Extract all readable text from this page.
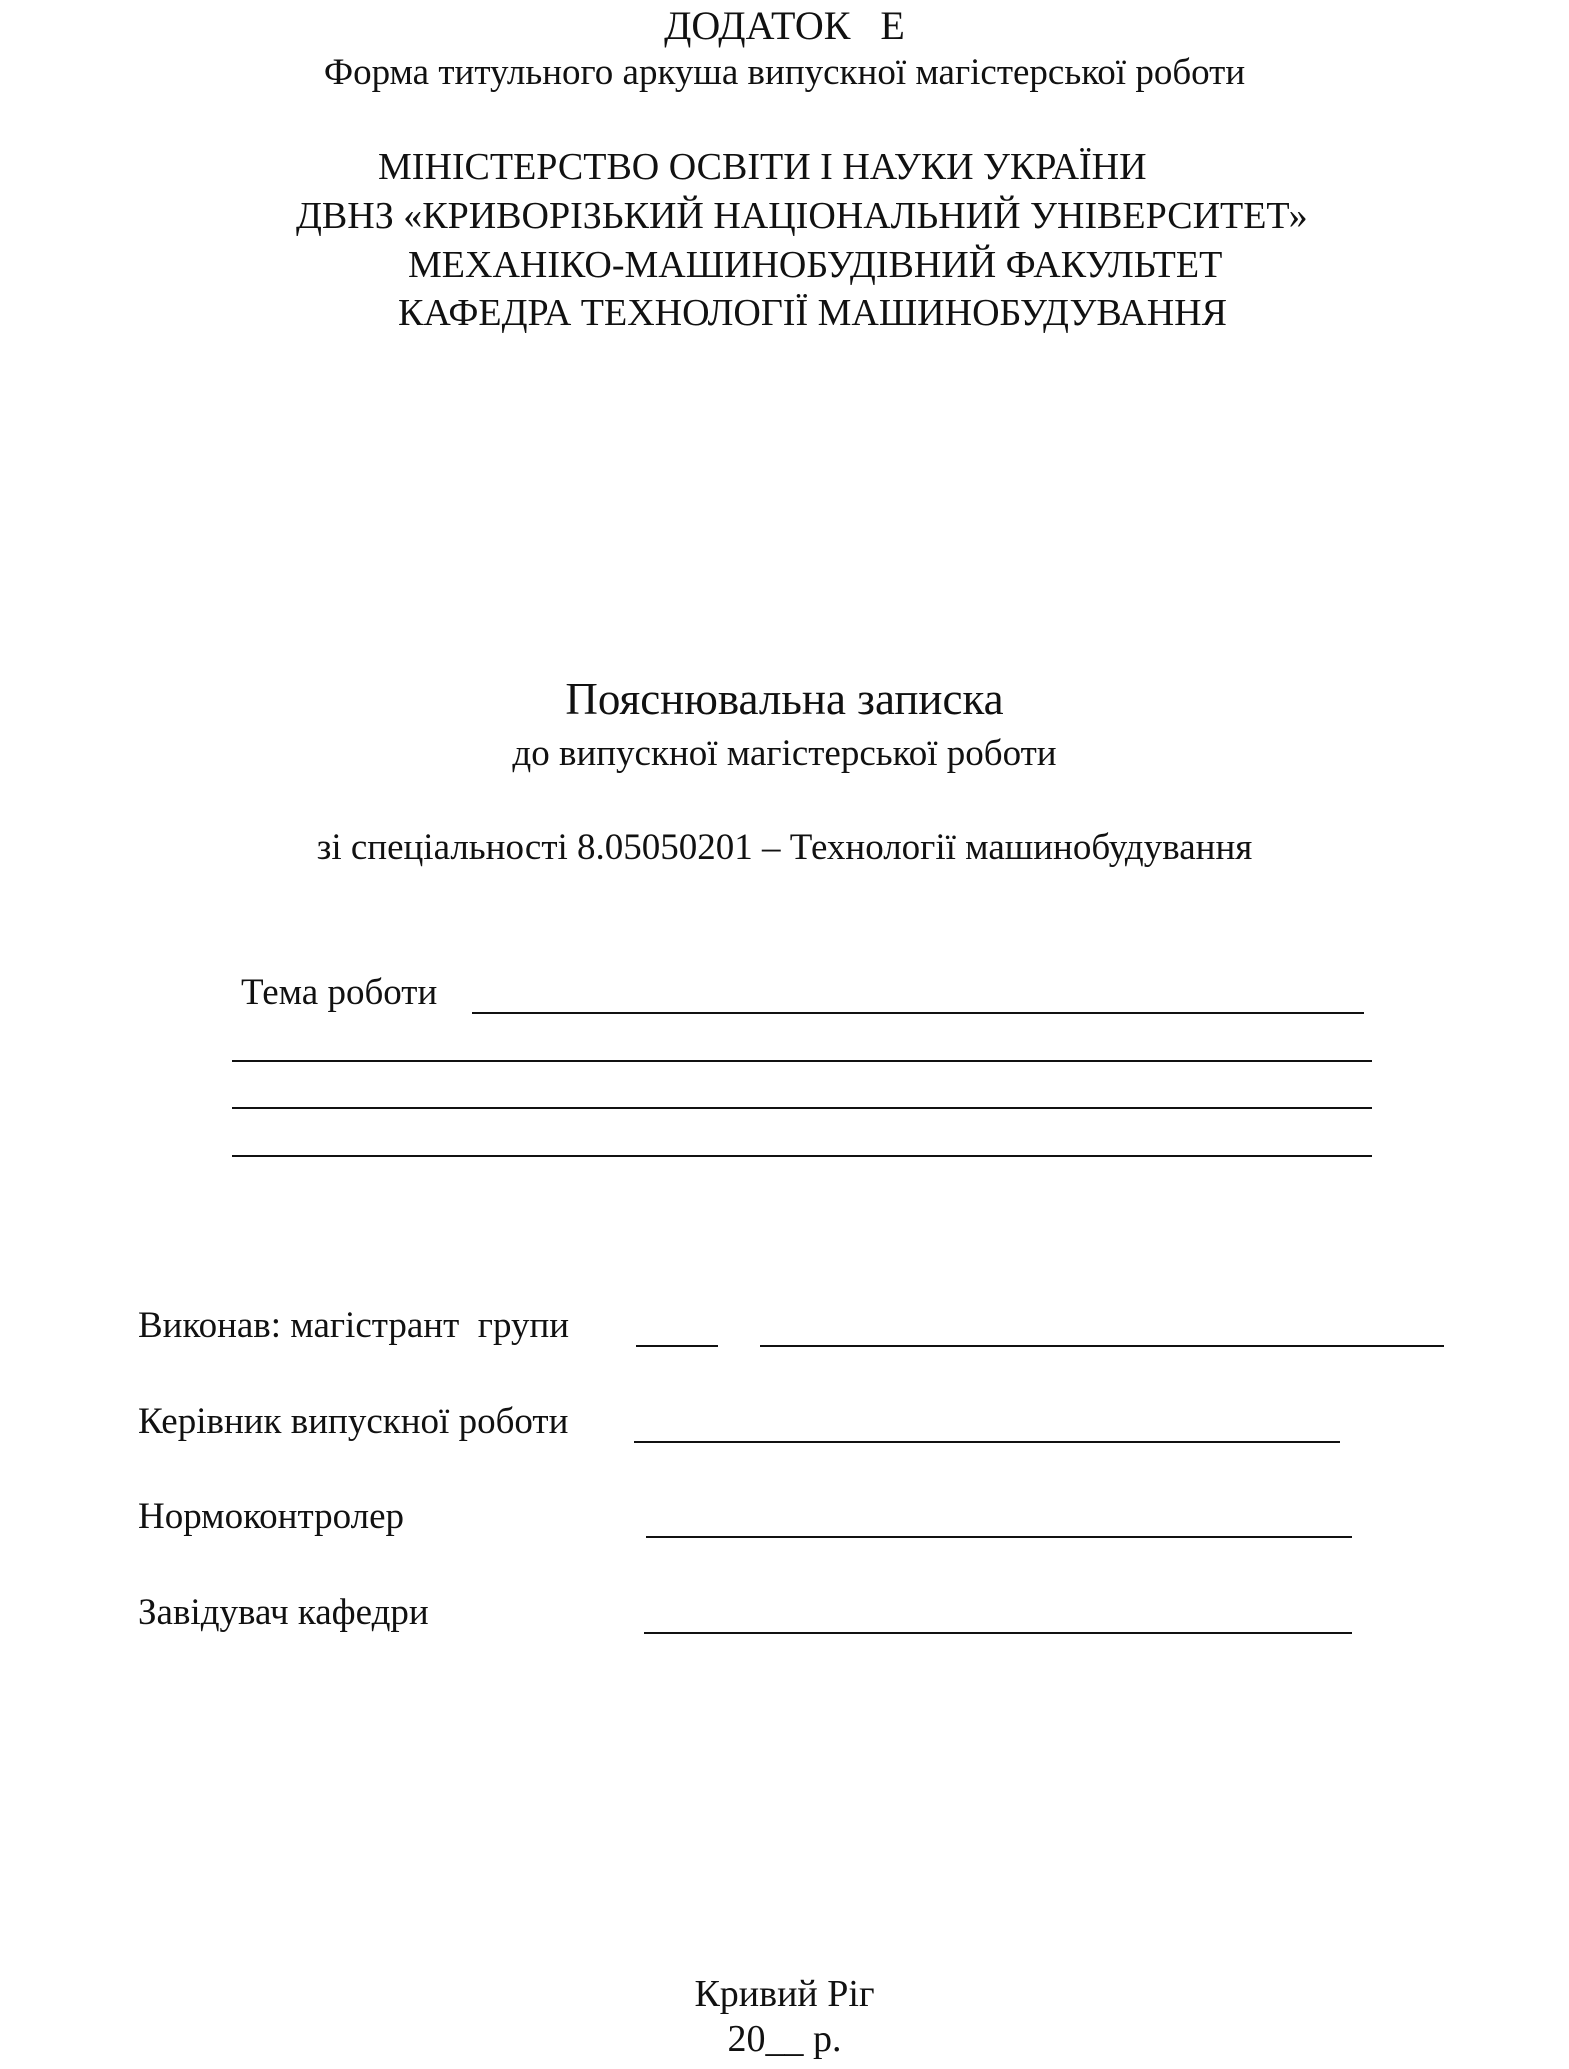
ДОДАТОК   Е
Форма титульного аркуша випускної магістерської роботи
МІНІСТЕРСТВО ОСВІТИ І НАУКИ УКРАЇНИ
ДВНЗ «КРИВОРІЗЬКИЙ НАЦІОНАЛЬНИЙ УНІВЕРСИТЕТ»
МЕХАНІКО-МАШИНОБУДІВНИЙ ФАКУЛЬТЕТ
КАФЕДРА ТЕХНОЛОГІЇ МАШИНОБУДУВАННЯ
Пояснювальна записка
до випускної магістерської роботи
зі спеціальності 8.05050201 – Технології машинобудування
Тема роботи
Виконав: магістрант  групи
Керівник випускної роботи
Нормоконтролер
Завідувач кафедри
Кривий Ріг
20__ р.
